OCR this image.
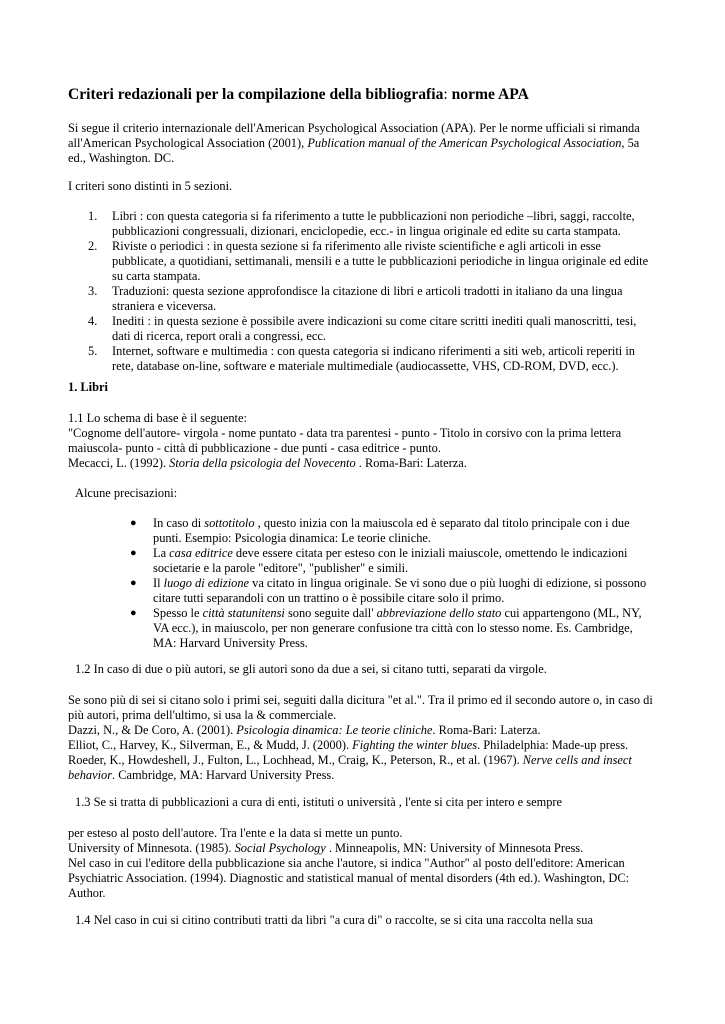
Criteri redazionali per la compilazione della bibliografia: norme APA

Si segue il criterio internazionale dell'American Psychological Association (APA). Per le norme ufficiali si rimanda all'American Psychological Association (2001), Publication manual of the American Psychological Association, 5a ed., Washington. DC.

I criteri sono distinti in 5 sezioni.

1. Libri : con questa categoria si fa riferimento a tutte le pubblicazioni non periodiche –libri, saggi, raccolte, pubblicazioni congressuali, dizionari, enciclopedie, ecc.- in lingua originale ed edite su carta stampata.
2. Riviste o periodici : in questa sezione si fa riferimento alle riviste scientifiche e agli articoli in esse pubblicate, a quotidiani, settimanali, mensili e a tutte le pubblicazioni periodiche in lingua originale ed edite su carta stampata.
3. Traduzioni: questa sezione approfondisce la citazione di libri e articoli tradotti in italiano da una lingua straniera e viceversa.
4. Inediti : in questa sezione è possibile avere indicazioni su come citare scritti inediti quali manoscritti, tesi, dati di ricerca, report orali a congressi, ecc.
5. Internet, software e multimedia : con questa categoria si indicano riferimenti a siti web, articoli reperiti in rete, database on-line, software e materiale multimediale (audiocassette, VHS, CD-ROM, DVD, ecc.).

1. Libri

1.1 Lo schema di base è il seguente:
"Cognome dell'autore- virgola - nome puntato - data tra parentesi - punto - Titolo in corsivo con la prima lettera maiuscola- punto - città di pubblicazione - due punti - casa editrice - punto.
Mecacci, L. (1992). Storia della psicologia del Novecento . Roma-Bari: Laterza.

Alcune precisazioni:

● In caso di sottotitolo , questo inizia con la maiuscola ed è separato dal titolo principale con i due punti. Esempio: Psicologia dinamica: Le teorie cliniche.
● La casa editrice deve essere citata per esteso con le iniziali maiuscole, omettendo le indicazioni societarie e la parole "editore", "publisher" e simili.
● Il luogo di edizione va citato in lingua originale. Se vi sono due o più luoghi di edizione, si possono citare tutti separandoli con un trattino o è possibile citare solo il primo.
● Spesso le città statunitensi sono seguite dall' abbreviazione dello stato cui appartengono (ML, NY, VA ecc.), in maiuscolo, per non generare confusione tra città con lo stesso nome. Es. Cambridge, MA: Harvard University Press.

1.2 In caso di due o più autori, se gli autori sono da due a sei, si citano tutti, separati da virgole.

Se sono più di sei si citano solo i primi sei, seguiti dalla dicitura "et al.". Tra il primo ed il secondo autore o, in caso di più autori, prima dell'ultimo, si usa la & commerciale.
Dazzi, N., & De Coro, A. (2001). Psicologia dinamica: Le teorie cliniche. Roma-Bari: Laterza.
Elliot, C., Harvey, K., Silverman, E., & Mudd, J. (2000). Fighting the winter blues. Philadelphia: Made-up press.
Roeder, K., Howdeshell, J., Fulton, L., Lochhead, M., Craig, K., Peterson, R., et al. (1967). Nerve cells and insect behavior. Cambridge, MA: Harvard University Press.

1.3 Se si tratta di pubblicazioni a cura di enti, istituti o università , l'ente si cita per intero e sempre

per esteso al posto dell'autore. Tra l'ente e la data si mette un punto.
University of Minnesota. (1985). Social Psychology . Minneapolis, MN: University of Minnesota Press.
Nel caso in cui l'editore della pubblicazione sia anche l'autore, si indica "Author" al posto dell'editore: American Psychiatric Association. (1994). Diagnostic and statistical manual of mental disorders (4th ed.). Washington, DC: Author.

1.4 Nel caso in cui si citino contributi tratti da libri "a cura di" o raccolte, se si cita una raccolta nella sua
